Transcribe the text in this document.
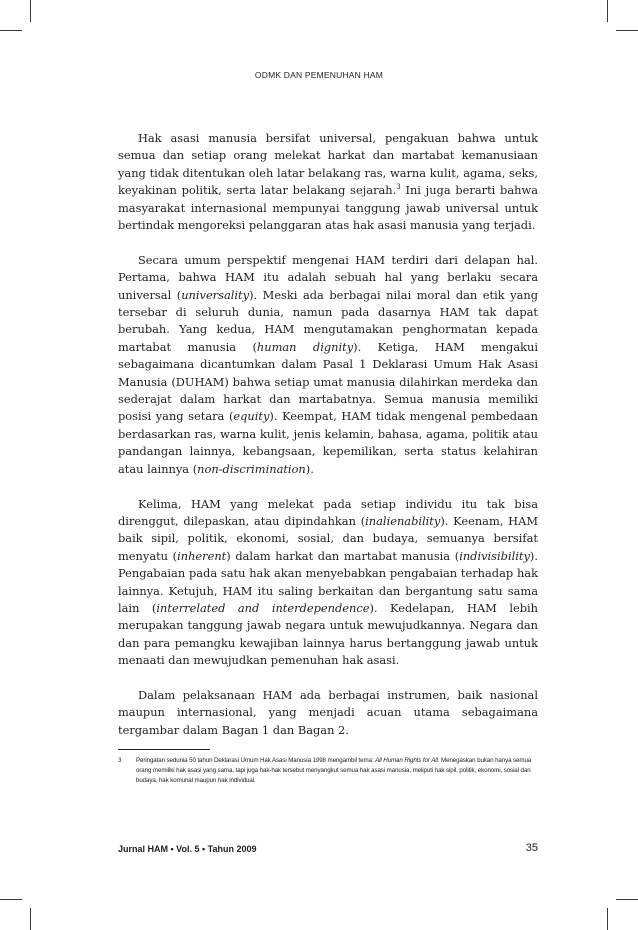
ODMK DAN PEMENUHAN HAM

Hak asasi manusia bersifat universal, pengakuan bahwa untuk semua dan setiap orang melekat harkat dan martabat kemanusiaan yang tidak ditentukan oleh latar belakang ras, warna kulit, agama, seks, keyakinan politik, serta latar belakang sejarah.$^3$ Ini juga berarti bahwa masyarakat internasional mempunyai tanggung jawab universal untuk bertindak mengoreksi pelanggaran atas hak asasi manusia yang terjadi.

Secara umum perspektif mengenai HAM terdiri dari delapan hal. Pertama, bahwa HAM itu adalah sebuah hal yang berlaku secara universal (universality). Meski ada berbagai nilai moral dan etik yang tersebar di seluruh dunia, namun pada dasarnya HAM tak dapat berubah. Yang kedua, HAM mengutamakan penghormatan kepada martabat manusia (human dignity). Ketiga, HAM mengakui sebagaimana dicantumkan dalam Pasal 1 Deklarasi Umum Hak Asasi Manusia (DUHAM) bahwa setiap umat manusia dilahirkan merdeka dan sederajat dalam harkat dan martabatnya. Semua manusia memiliki posisi yang setara (equity). Keempat, HAM tidak mengenal pembedaan berdasarkan ras, warna kulit, jenis kelamin, bahasa, agama, politik atau pandangan lainnya, kebangsaan, kepemilikan, serta status kelahiran atau lainnya (non-discrimination).

Kelima, HAM yang melekat pada setiap individu itu tak bisa direnggut, dilepaskan, atau dipindahkan (inalienability). Keenam, HAM baik sipil, politik, ekonomi, sosial, dan budaya, semuanya bersifat menyatu (inherent) dalam harkat dan martabat manusia (indivisibility). Pengabaian pada satu hak akan menyebabkan pengabaian terhadap hak lainnya. Ketujuh, HAM itu saling berkaitan dan bergantung satu sama lain (interrelated and interdependence). Kedelapan, HAM lebih merupakan tanggung jawab negara untuk mewujudkannya. Negara dan dan para pemangku kewajiban lainnya harus bertanggung jawab untuk menaati dan mewujudkan pemenuhan hak asasi.

Dalam pelaksanaan HAM ada berbagai instrumen, baik nasional maupun internasional, yang menjadi acuan utama sebagaimana tergambar dalam Bagan 1 dan Bagan 2.

3	Peringatan sedunia 50 tahun Deklarasi Umum Hak Asasi Manusia 1998 mengambil tema: All Human Rights for All. Menegaskan bukan hanya semua orang memiliki hak asasi yang sama, tapi juga hak-hak tersebut menyangkut semua hak asasi manusia, meliputi hak sipil, politik, ekonomi, sosial dan budaya, hak komunal maupun hak individual.
Jurnal HAM • Vol. 5 • Tahun 2009	35
